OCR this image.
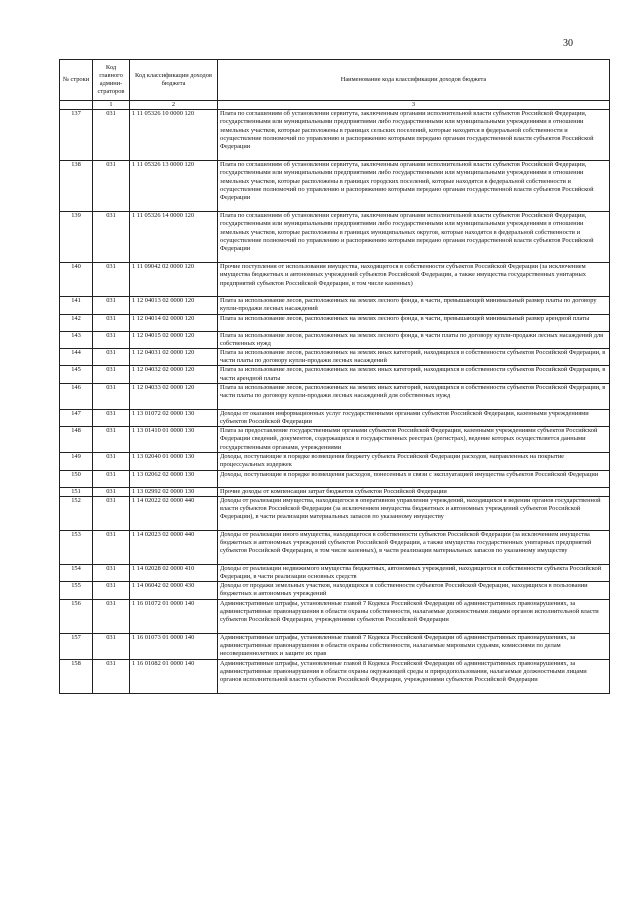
30
№ строки	Код главного админи-страторов	Код классификации доходов бюджета	Наименование кода классификации доходов бюджета
	1	2	3
137	031	1 11 05326 10 0000 120	Плата по соглашениям об установлении сервитута, заключенным органами исполнительной власти субъектов Российской Федерации, государственными или муниципальными предприятиями либо государственными или муниципальными учреждениями в отношении земельных участков, которые расположены в границах сельских поселений, которые находятся в федеральной собственности и осуществление полномочий по управлению и распоряжению которыми передано органам государственной власти субъектов Российской Федерации
138	031	1 11 05326 13 0000 120	Плата по соглашениям об установлении сервитута, заключенным органами исполнительной власти субъектов Российской Федерации, государственными или муниципальными предприятиями либо государственными или муниципальными учреждениями в отношении земельных участков, которые расположены в границах городских поселений, которые находятся в федеральной собственности и осуществление полномочий по управлению и распоряжению которыми передано органам государственной власти субъектов Российской Федерации
139	031	1 11 05326 14 0000 120	Плата по соглашениям об установлении сервитута, заключенным органами исполнительной власти субъектов Российской Федерации, государственными или муниципальными предприятиями либо государственными или муниципальными учреждениями в отношении земельных участков, которые расположены в границах муниципальных округов, которые находятся в федеральной собственности и осуществление полномочий по управлению и распоряжению которыми передано органам государственной власти субъектов Российской Федерации
140	031	1 11 09042 02 0000 120	Прочие поступления от использования имущества, находящегося в собственности субъектов Российской Федерации (за исключением имущества бюджетных и автономных учреждений субъектов Российской Федерации, а также имущества государственных унитарных предприятий субъектов Российской Федерации, в том числе казенных)
141	031	1 12 04013 02 0000 120	Плата за использование лесов, расположенных на землях лесного фонда, в части, превышающей минимальный размер платы по договору купли-продажи лесных насаждений
142	031	1 12 04014 02 0000 120	Плата за использование лесов, расположенных на землях лесного фонда, в части, превышающей минимальный размер арендной платы
143	031	1 12 04015 02 0000 120	Плата за использование лесов, расположенных на землях лесного фонда, в части платы по договору купли-продажи лесных насаждений для собственных нужд
144	031	1 12 04031 02 0000 120	Плата за использование лесов, расположенных на землях иных категорий, находящихся в собственности субъектов Российской Федерации, в части платы по договору купли-продажи лесных насаждений
145	031	1 12 04032 02 0000 120	Плата за использование лесов, расположенных на землях иных категорий, находящихся в собственности субъектов Российской Федерации, в части арендной платы
146	031	1 12 04033 02 0000 120	Плата за использование лесов, расположенных на землях иных категорий, находящихся в собственности субъектов Российской Федерации, в части платы по договору купли-продажи лесных насаждений для собственных нужд
147	031	1 13 01072 02 0000 130	Доходы от оказания информационных услуг государственными органами субъектов Российской Федерации, казенными учреждениями субъектов Российской Федерации
148	031	1 13 01410 01 0000 130	Плата за предоставление государственными органами субъектов Российской Федерации, казенными учреждениями субъектов Российской Федерации сведений, документов, содержащихся в государственных реестрах (регистрах), ведение которых осуществляется данными государственными органами, учреждениями
149	031	1 13 02040 01 0000 130	Доходы, поступающие в порядке возмещения бюджету субъекта Российской Федерации расходов, направленных на покрытие процессуальных издержек
150	031	1 13 02062 02 0000 130	Доходы, поступающие в порядке возмещения расходов, понесенных в связи с эксплуатацией имущества субъектов Российской Федерации
151	031	1 13 02992 02 0000 130	Прочие доходы от компенсации затрат бюджетов субъектов Российской Федерации
152	031	1 14 02022 02 0000 440	Доходы от реализации имущества, находящегося в оперативном управлении учреждений, находящихся в ведении органов государственной власти субъектов Российской Федерации (за исключением имущества бюджетных и автономных учреждений субъектов Российской Федерации), в части реализации материальных запасов по указанному имуществу
153	031	1 14 02023 02 0000 440	Доходы от реализации иного имущества, находящегося в собственности субъектов Российской Федерации (за исключением имущества бюджетных и автономных учреждений субъектов Российской Федерации, а также имущества государственных унитарных предприятий субъектов Российской Федерации, в том числе казенных), в части реализации материальных запасов по указанному имуществу
154	031	1 14 02028 02 0000 410	Доходы от реализации недвижимого имущества бюджетных, автономных учреждений, находящегося в собственности субъекта Российской Федерации, в части реализации основных средств
155	031	1 14 06042 02 0000 430	Доходы от продажи земельных участков, находящихся в собственности субъектов Российской Федерации, находящихся в пользовании бюджетных и автономных учреждений
156	031	1 16 01072 01 0000 140	Административные штрафы, установленные главой 7 Кодекса Российской Федерации об административных правонарушениях, за административные правонарушения в области охраны собственности, налагаемые должностными лицами органов исполнительной власти субъектов Российской Федерации, учреждениями субъектов Российской Федерации
157	031	1 16 01073 01 0000 140	Административные штрафы, установленные главой 7 Кодекса Российской Федерации об административных правонарушениях, за административные правонарушения в области охраны собственности, налагаемые мировыми судьями, комиссиями по делам несовершеннолетних и защите их прав
158	031	1 16 01082 01 0000 140	Административные штрафы, установленные главой 8 Кодекса Российской Федерации об административных правонарушениях, за административные правонарушения в области охраны окружающей среды и природопользования, налагаемые должностными лицами органов исполнительной власти субъектов Российской Федерации, учреждениями субъектов Российской Федерации
